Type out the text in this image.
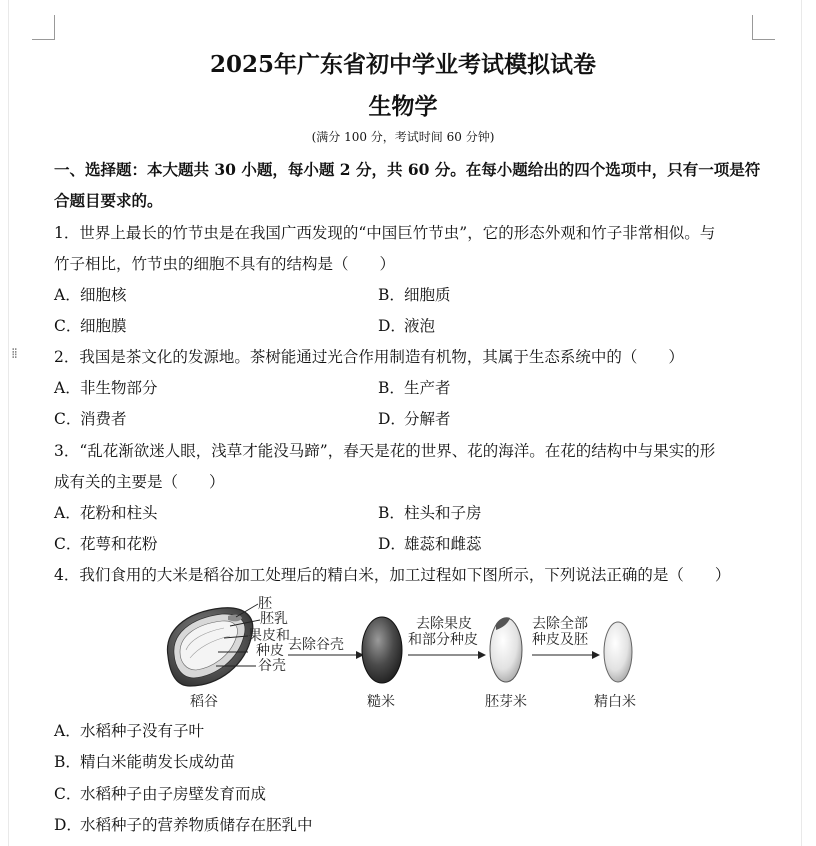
⁞⁞
2025年广东省初中学业考试模拟试卷
生物学
(满分 100 分，考试时间 60 分钟)
一、选择题：本大题共 30 小题，每小题 2 分，共 60 分。在每小题给出的四个选项中，只有一项是符
合题目要求的。
1．世界上最长的竹节虫是在我国广西发现的“中国巨竹节虫”，它的形态外观和竹子非常相似。与
竹子相比，竹节虫的细胞不具有的结构是（　　）
A．细胞核	B．细胞质
C．细胞膜	D．液泡
2．我国是茶文化的发源地。茶树能通过光合作用制造有机物，其属于生态系统中的（　　）
A．非生物部分	B．生产者
C．消费者	D．分解者
3．“乱花渐欲迷人眼，浅草才能没马蹄”，春天是花的世界、花的海洋。在花的结构中与果实的形
成有关的主要是（　　）
A．花粉和柱头	B．柱头和子房
C．花萼和花粉	D．雄蕊和雌蕊
4．我们食用的大米是稻谷加工处理后的精白米，加工过程如下图所示，下列说法正确的是（　　）
胚
胚乳
果皮和
种皮
谷壳
去除谷壳
去除果皮
和部分种皮
去除全部
种皮及胚
稻谷	糙米	胚芽米	精白米
A．水稻种子没有子叶
B．精白米能萌发长成幼苗
C．水稻种子由子房壁发育而成
D．水稻种子的营养物质储存在胚乳中
